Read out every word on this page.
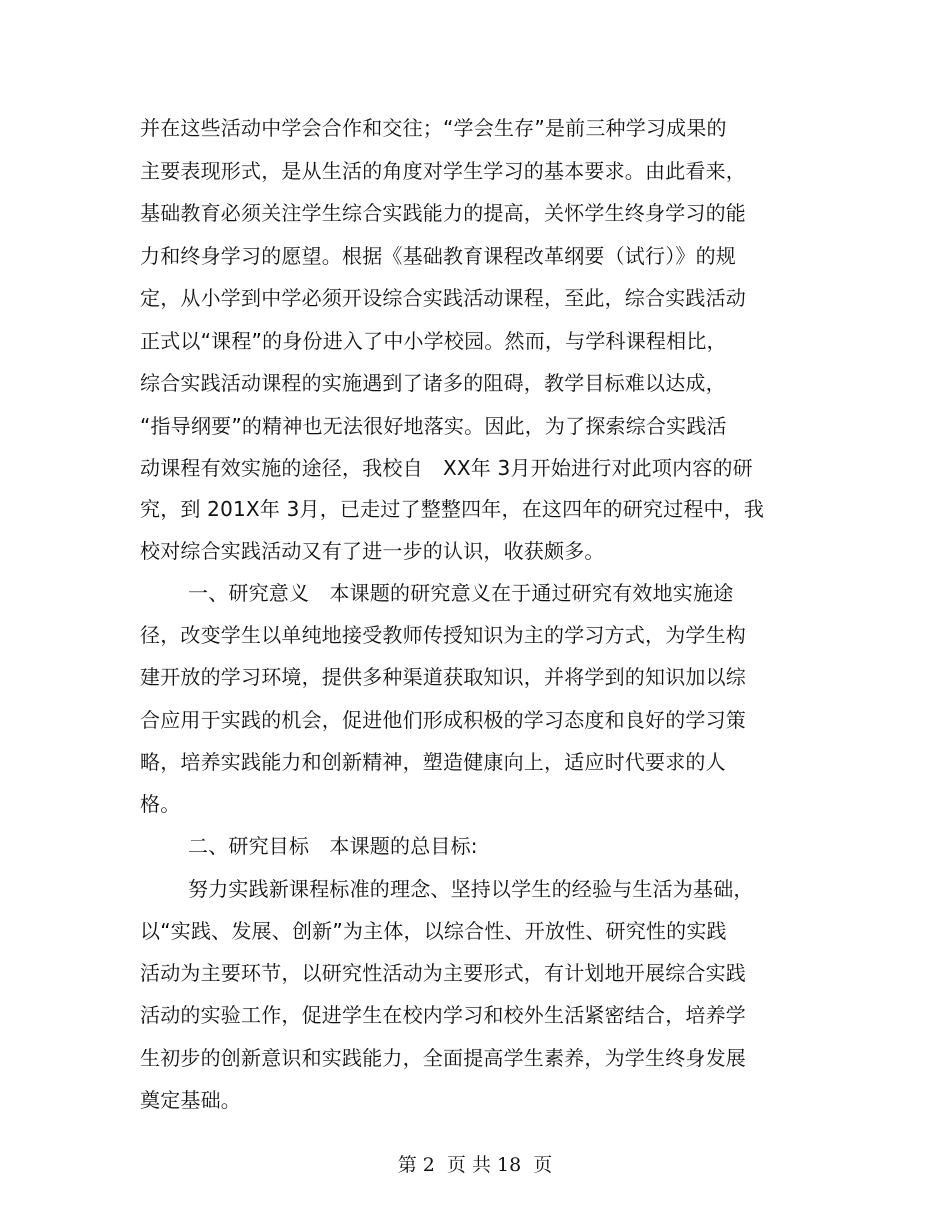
并在这些活动中学会合作和交往；“学会生存”是前三种学习成果的
主要表现形式，是从生活的角度对学生学习的基本要求。由此看来，
基础教育必须关注学生综合实践能力的提高，关怀学生终身学习的能
力和终身学习的愿望。根据《基础教育课程改革纲要（试行）》的规
定，从小学到中学必须开设综合实践活动课程，至此，综合实践活动
正式以“课程”的身份进入了中小学校园。然而，与学科课程相比，
综合实践活动课程的实施遇到了诸多的阻碍，教学目标难以达成，
“指导纲要”的精神也无法很好地落实。因此，为了探索综合实践活
动课程有效实施的途径，我校自　XX年 3月开始进行对此项内容的研
究，到 201X年 3月，已走过了整整四年，在这四年的研究过程中，我
校对综合实践活动又有了进一步的认识，收获颇多。
一、研究意义　本课题的研究意义在于通过研究有效地实施途
径，改变学生以单纯地接受教师传授知识为主的学习方式，为学生构
建开放的学习环境，提供多种渠道获取知识，并将学到的知识加以综
合应用于实践的机会，促进他们形成积极的学习态度和良好的学习策
略，培养实践能力和创新精神，塑造健康向上，适应时代要求的人
格。
二、研究目标　本课题的总目标:
努力实践新课程标准的理念、坚持以学生的经验与生活为基础，
以“实践、发展、创新”为主体，以综合性、开放性、研究性的实践
活动为主要环节，以研究性活动为主要形式，有计划地开展综合实践
活动的实验工作，促进学生在校内学习和校外生活紧密结合，培养学
生初步的创新意识和实践能力，全面提高学生素养，为学生终身发展
奠定基础。
第 2  页 共 18  页
